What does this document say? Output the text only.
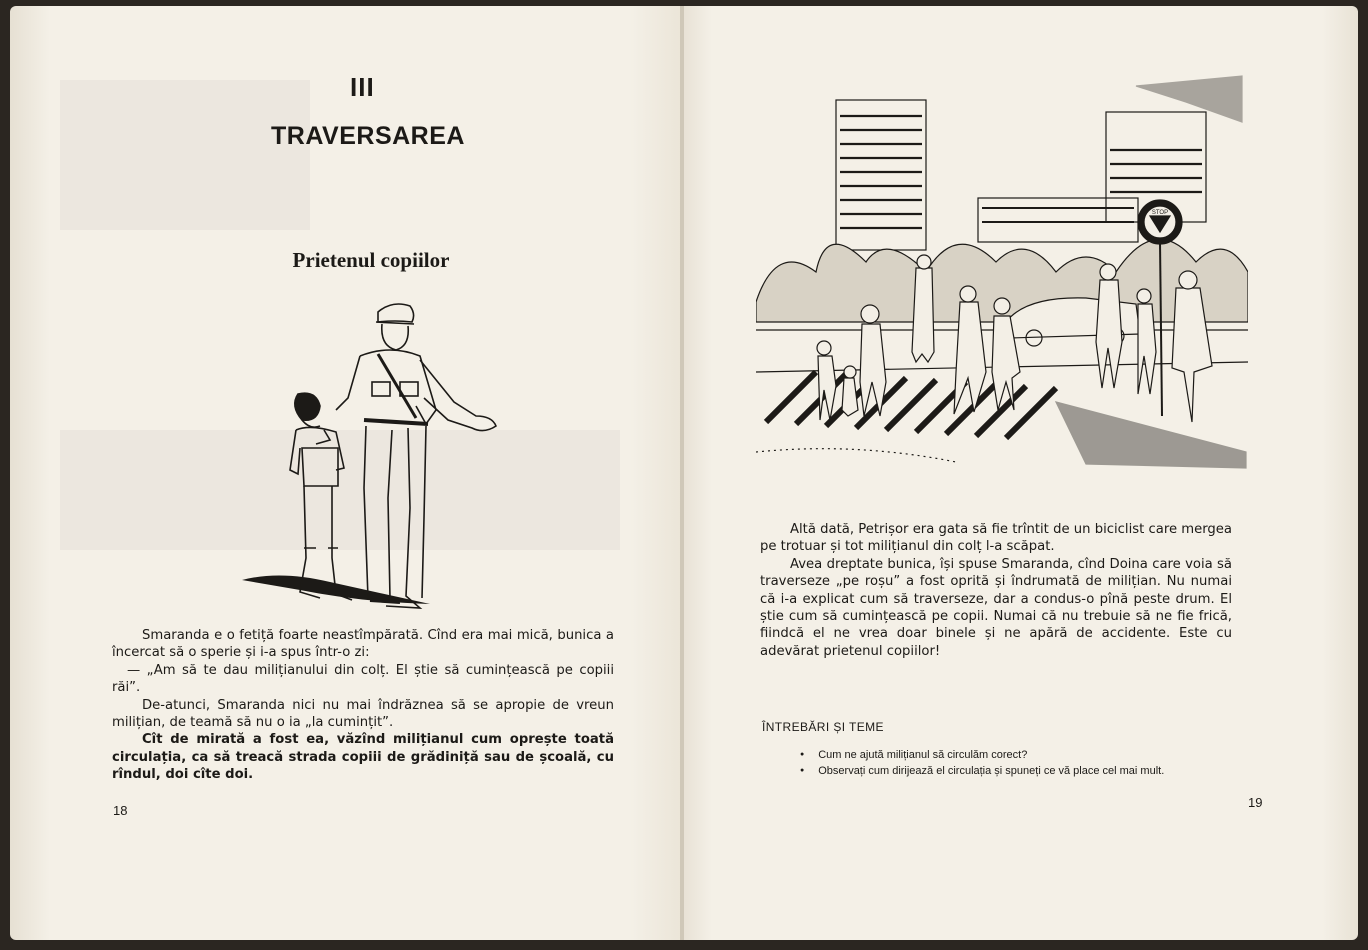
III
TRAVERSAREA
Prietenul copiilor

Smaranda e o fetiță foarte neastîmpărată. Cînd era mai mică, bunica a încercat să o sperie și i-a spus într-o zi:

— „Am să te dau milițianului din colț. El știe să cumințească pe copiii răi”.

De-atunci, Smaranda nici nu mai îndrăznea să se apropie de vreun milițian, de teamă să nu o ia „la cumințit”.

Cît de mirată a fost ea, văzînd milițianul cum oprește toată circulația, ca să treacă strada copiii de grădiniță sau de școală, cu rîndul, doi cîte doi.

18
STOP

Altă dată, Petrișor era gata să fie trîntit de un biciclist care mergea pe trotuar și tot milițianul din colț l-a scăpat.

Avea dreptate bunica, își spuse Smaranda, cînd Doina care voia să traverseze „pe roșu” a fost oprită și îndrumată de milițian. Nu numai că i-a explicat cum să traverseze, dar a condus-o pînă peste drum. El știe cum să cumințească pe copii. Numai că nu trebuie să ne fie frică, fiindcă el ne vrea doar binele și ne apără de accidente. Este cu adevărat prietenul copiilor!

ÎNTREBĂRI ȘI TEME
● Cum ne ajută milițianul să circulăm corect?
● Observați cum dirijează el circulația și spuneți ce vă place cel mai mult.
19
